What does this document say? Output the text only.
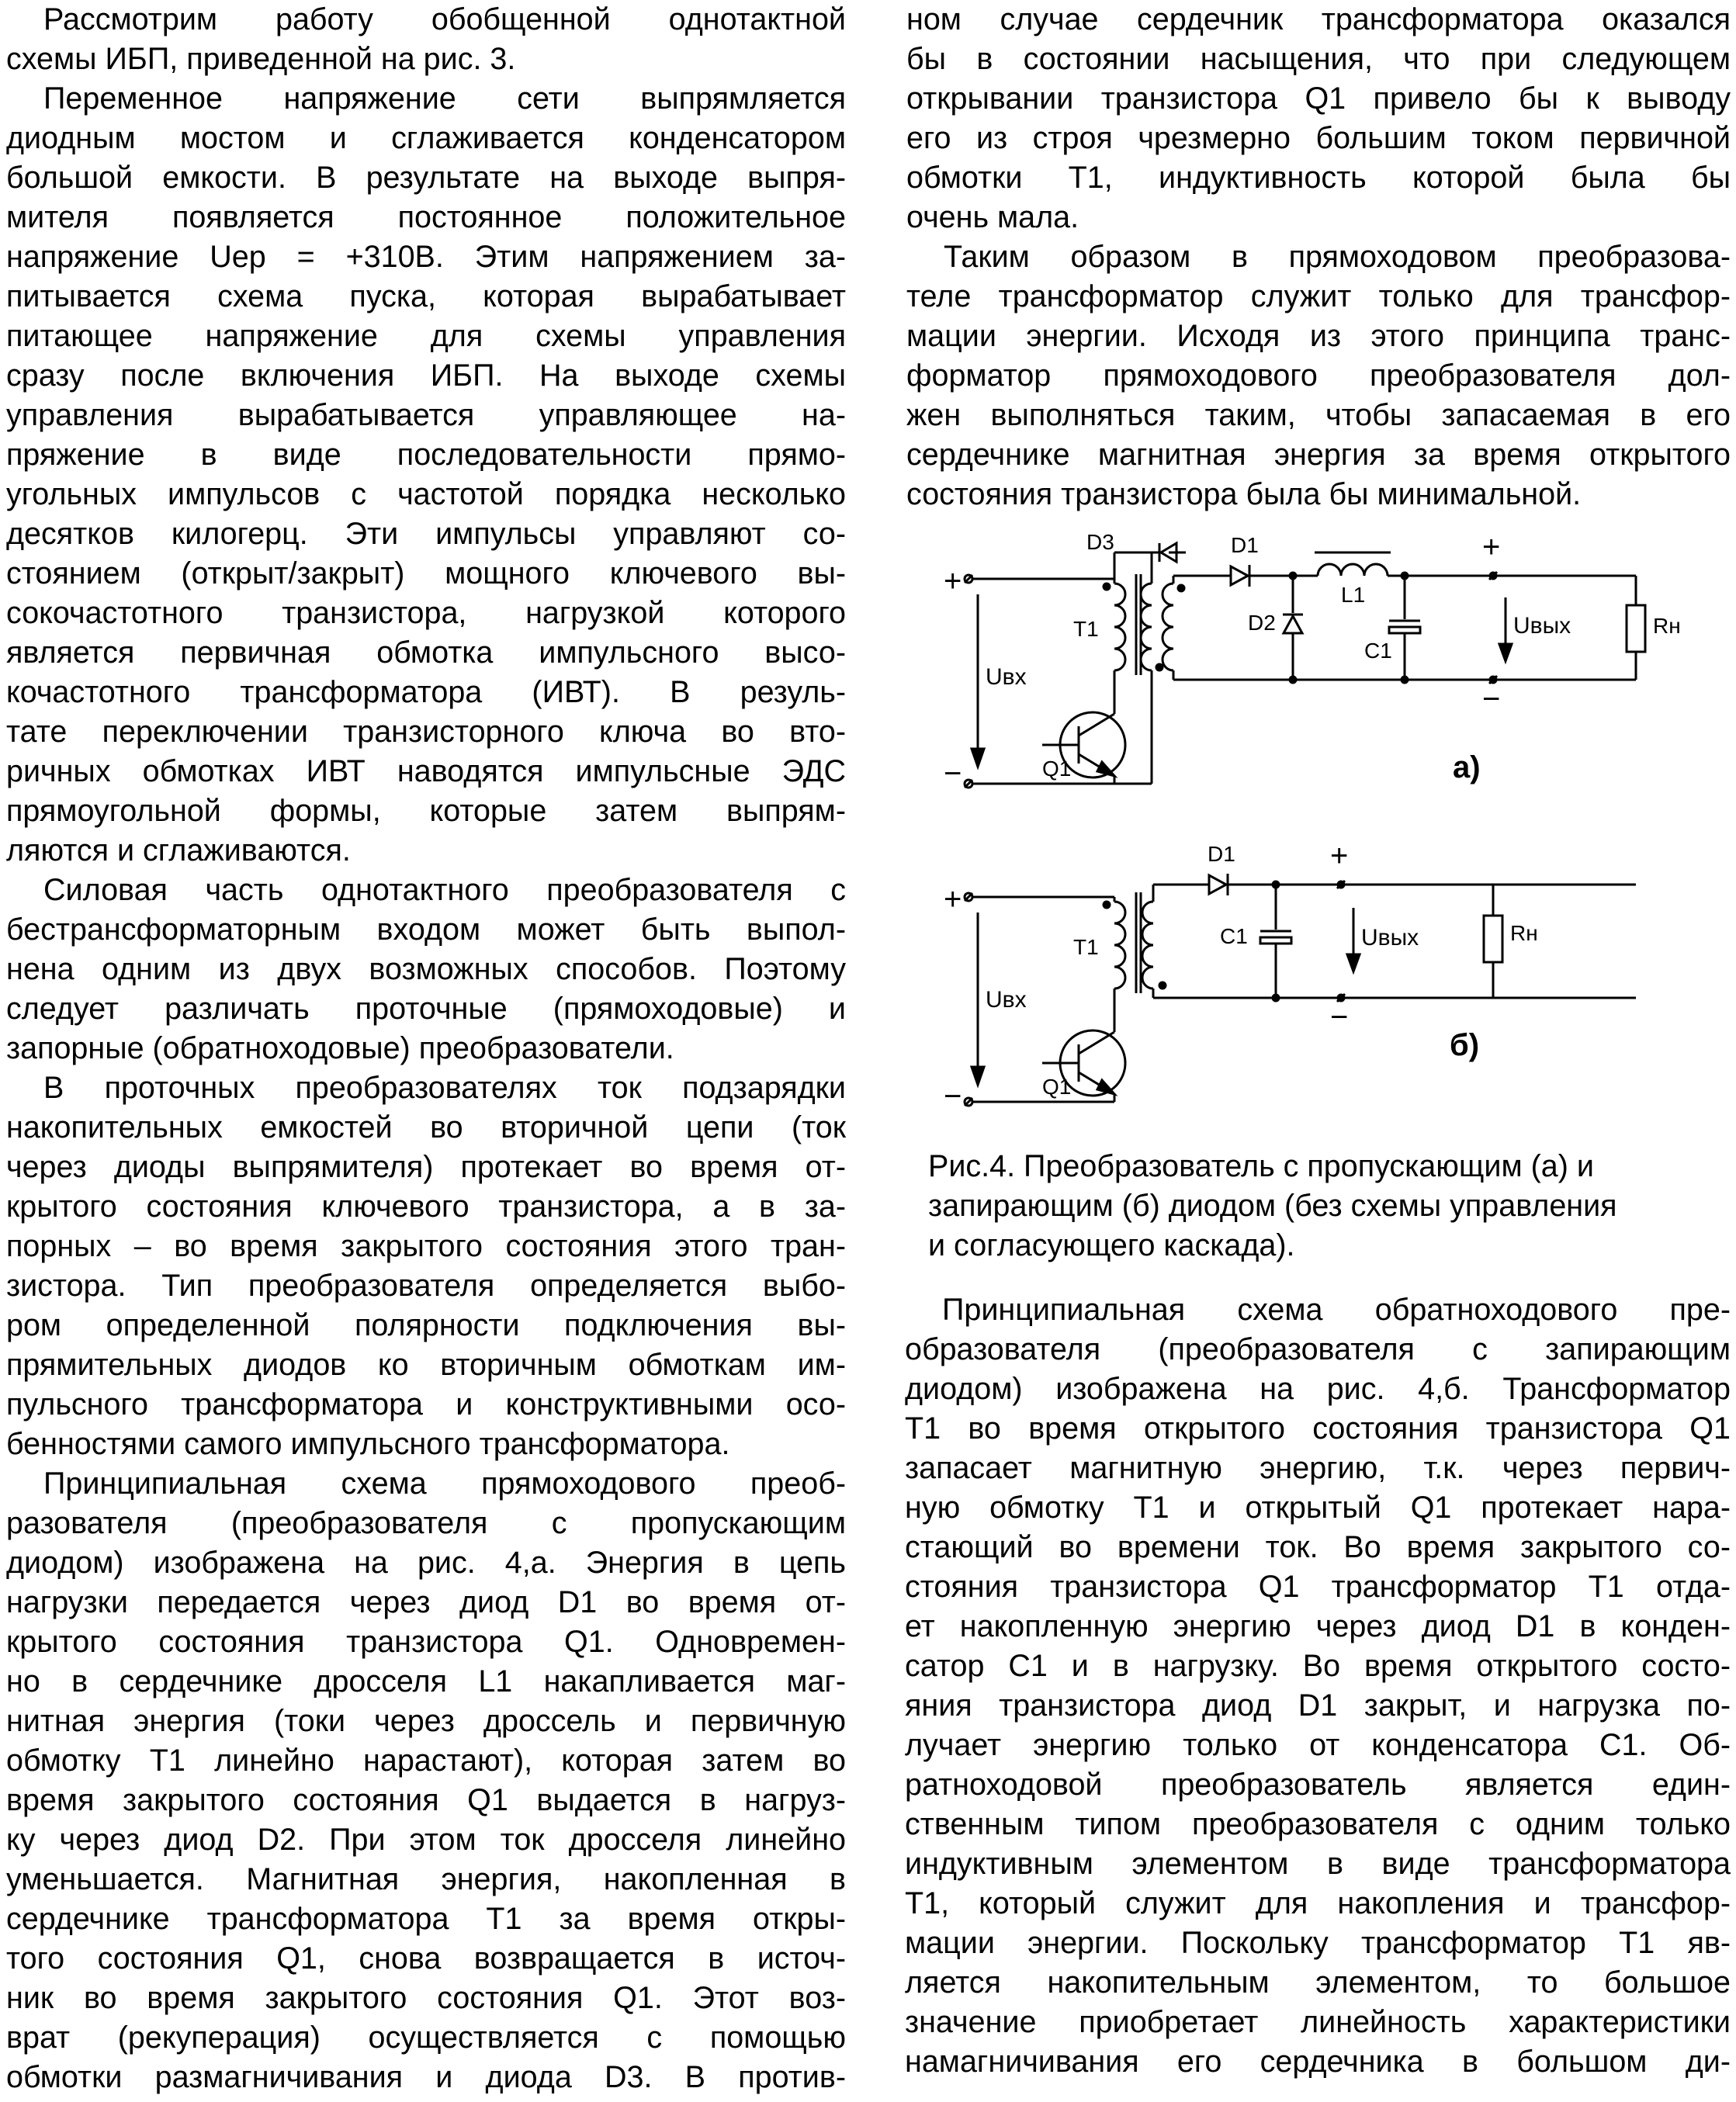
Рассмотрим работу обобщенной однотактной
схемы ИБП, приведенной на рис. 3.

Переменное напряжение сети выпрямляется
диодным мостом и сглаживается конденсатором
большой емкости. В результате на выходе выпря-
мителя появляется постоянное положительное
напряжение Uep = +310В. Этим напряжением за-
питывается схема пуска, которая вырабатывает
питающее напряжение для схемы управления
сразу после включения ИБП. На выходе схемы
управления вырабатывается управляющее на-
пряжение в виде последовательности прямо-
угольных импульсов с частотой порядка несколько
десятков килогерц. Эти импульсы управляют со-
стоянием (открыт/закрыт) мощного ключевого вы-
сокочастотного транзистора, нагрузкой которого
является первичная обмотка импульсного высо-
кочастотного трансформатора (ИВТ). В резуль-
тате переключении транзисторного ключа во вто-
ричных обмотках ИВТ наводятся импульсные ЭДС
прямоугольной формы, которые затем выпрям-
ляются и сглаживаются.

Силовая часть однотактного преобразователя с
бестрансформаторным входом может быть выпол-
нена одним из двух возможных способов. Поэтому
следует различать проточные (прямоходовые) и
запорные (обратноходовые) преобразователи.

В проточных преобразователях ток подзарядки
накопительных емкостей во вторичной цепи (ток
через диоды выпрямителя) протекает во время от-
крытого состояния ключевого транзистора, а в за-
порных – во время закрытого состояния этого тран-
зистора. Тип преобразователя определяется выбо-
ром определенной полярности подключения вы-
прямительных диодов ко вторичным обмоткам им-
пульсного трансформатора и конструктивными осо-
бенностями самого импульсного трансформатора.

Принципиальная схема прямоходового преоб-
разователя (преобразователя с пропускающим
диодом) изображена на рис. 4,а. Энергия в цепь
нагрузки передается через диод D1 во время от-
крытого состояния транзистора Q1. Одновремен-
но в сердечнике дросселя L1 накапливается маг-
нитная энергия (токи через дроссель и первичную
обмотку T1 линейно нарастают), которая затем во
время закрытого состояния Q1 выдается в нагруз-
ку через диод D2. При этом ток дросселя линейно
уменьшается. Магнитная энергия, накопленная в
сердечнике трансформатора T1 за время откры-
того состояния Q1, снова возвращается в источ-
ник во время закрытого состояния Q1. Этот воз-
врат (рекуперация) осуществляется с помощью
обмотки размагничивания и диода D3. В против-

ном случае сердечник трансформатора оказался
бы в состоянии насыщения, что при следующем
открывании транзистора Q1 привело бы к выводу
его из строя чрезмерно большим током первичной
обмотки T1, индуктивность которой была бы
очень мала.

Таким образом в прямоходовом преобразова-
теле трансформатор служит только для трансфор-
мации энергии. Исходя из этого принципа транс-
форматор прямоходового преобразователя дол-
жен выполняться таким, чтобы запасаемая в его
сердечнике магнитная энергия за время открытого
состояния транзистора была бы минимальной.

+
−
Uвх
D3
T1
Q1
D1
D2
L1
C1
+
−
Uвых	Rн
а)
+
−
Uвх
T1
Q1
D1
C1
+
−
Uвых	Rн
б)
Рис.4. Преобразователь с пропускающим (а) и
запирающим (б) диодом (без схемы управления
и согласующего каскада).

Принципиальная схема обратноходового пре-
образователя (преобразователя с запирающим
диодом) изображена на рис. 4,б. Трансформатор
T1 во время открытого состояния транзистора Q1
запасает магнитную энергию, т.к. через первич-
ную обмотку T1 и открытый Q1 протекает нара-
стающий во времени ток. Во время закрытого со-
стояния транзистора Q1 трансформатор T1 отда-
ет накопленную энергию через диод D1 в конден-
сатор C1 и в нагрузку. Во время открытого состо-
яния транзистора диод D1 закрыт, и нагрузка по-
лучает энергию только от конденсатора C1. Об-
ратноходовой преобразователь является един-
ственным типом преобразователя с одним только
индуктивным элементом в виде трансформатора
T1, который служит для накопления и трансфор-
мации энергии. Поскольку трансформатор T1 яв-
ляется накопительным элементом, то большое
значение приобретает линейность характеристики
намагничивания его сердечника в большом ди-
